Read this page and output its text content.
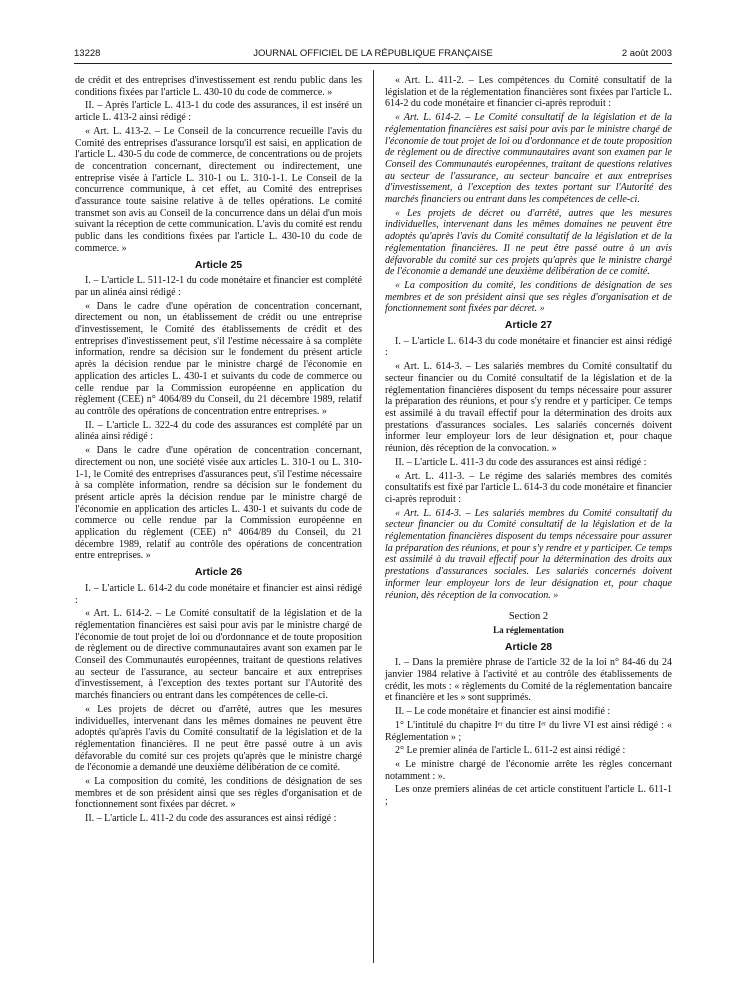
13228	JOURNAL OFFICIEL DE LA RÉPUBLIQUE FRANÇAISE	2 août 2003

de crédit et des entreprises d'investissement est rendu public dans les conditions fixées par l'article L. 430-10 du code de commerce. »

II. – Après l'article L. 413-1 du code des assurances, il est inséré un article L. 413-2 ainsi rédigé :

« Art. L. 413-2. – Le Conseil de la concurrence recueille l'avis du Comité des entreprises d'assurance lorsqu'il est saisi, en application de l'article L. 430-5 du code de commerce, de concentrations ou de projets de concentration concernant, directement ou indirectement, une entreprise visée à l'article L. 310-1 ou L. 310-1-1. Le Conseil de la concurrence communique, à cet effet, au Comité des entreprises d'assurance toute saisine relative à de telles opérations. Le comité transmet son avis au Conseil de la concurrence dans un délai d'un mois suivant la réception de cette communication. L'avis du comité est rendu public dans les conditions fixées par l'article L. 430-10 du code de commerce. »

Article 25

I. – L'article L. 511-12-1 du code monétaire et financier est complété par un alinéa ainsi rédigé :

« Dans le cadre d'une opération de concentration concernant, directement ou non, un établissement de crédit ou une entreprise d'investissement, le Comité des établissements de crédit et des entreprises d'investissement peut, s'il l'estime nécessaire à sa complète information, rendre sa décision sur le fondement du présent article après la décision rendue par le ministre chargé de l'économie en application des articles L. 430-1 et suivants du code de commerce ou celle rendue par la Commission européenne en application du règlement (CEE) n° 4064/89 du Conseil, du 21 décembre 1989, relatif au contrôle des opérations de concentration entre entreprises. »

II. – L'article L. 322-4 du code des assurances est complété par un alinéa ainsi rédigé :

« Dans le cadre d'une opération de concentration concernant, directement ou non, une société visée aux articles L. 310-1 ou L. 310-1-1, le Comité des entreprises d'assurances peut, s'il l'estime nécessaire à sa complète information, rendre sa décision sur le fondement du présent article après la décision rendue par le ministre chargé de l'économie en application des articles L. 430-1 et suivants du code de commerce ou celle rendue par la Commission européenne en application du règlement (CEE) n° 4064/89 du Conseil, du 21 décembre 1989, relatif au contrôle des opérations de concentration entre entreprises. »

Article 26

I. – L'article L. 614-2 du code monétaire et financier est ainsi rédigé :

« Art. L. 614-2. – Le Comité consultatif de la législation et de la réglementation financières est saisi pour avis par le ministre chargé de l'économie de tout projet de loi ou d'ordonnance et de toute proposition de règlement ou de directive communautaires avant son examen par le Conseil des Communautés européennes, traitant de questions relatives au secteur de l'assurance, au secteur bancaire et aux entreprises d'investissement, à l'exception des textes portant sur l'Autorité des marchés financiers ou entrant dans les compétences de celle-ci.

« Les projets de décret ou d'arrêté, autres que les mesures individuelles, intervenant dans les mêmes domaines ne peuvent être adoptés qu'après l'avis du Comité consultatif de la législation et de la réglementation financières. Il ne peut être passé outre à un avis défavorable du comité sur ces projets qu'après que le ministre chargé de l'économie a demandé une deuxième délibération de ce comité.

« La composition du comité, les conditions de désignation de ses membres et de son président ainsi que ses règles d'organisation et de fonctionnement sont fixées par décret. »

II. – L'article L. 411-2 du code des assurances est ainsi rédigé :

« Art. L. 411-2. – Les compétences du Comité consultatif de la législation et de la réglementation financières sont fixées par l'article L. 614-2 du code monétaire et financier ci-après reproduit :

« Art. L. 614-2. – Le Comité consultatif de la législation et de la réglementation financières est saisi pour avis par le ministre chargé de l'économie de tout projet de loi ou d'ordonnance et de toute proposition de règlement ou de directive communautaires avant son examen par le Conseil des Communautés européennes, traitant de questions relatives au secteur de l'assurance, au secteur bancaire et aux entreprises d'investissement, à l'exception des textes portant sur l'Autorité des marchés financiers ou entrant dans les compétences de celle-ci.

« Les projets de décret ou d'arrêté, autres que les mesures individuelles, intervenant dans les mêmes domaines ne peuvent être adoptés qu'après l'avis du Comité consultatif de la législation et de la réglementation financières. Il ne peut être passé outre à un avis défavorable du comité sur ces projets qu'après que le ministre chargé de l'économie a demandé une deuxième délibération de ce comité.

« La composition du comité, les conditions de désignation de ses membres et de son président ainsi que ses règles d'organisation et de fonctionnement sont fixées par décret. »

Article 27

I. – L'article L. 614-3 du code monétaire et financier est ainsi rédigé :

« Art. L. 614-3. – Les salariés membres du Comité consultatif du secteur financier ou du Comité consultatif de la législation et de la réglementation financières disposent du temps nécessaire pour assurer la préparation des réunions, et pour s'y rendre et y participer. Ce temps est assimilé à du travail effectif pour la détermination des droits aux prestations d'assurances sociales. Les salariés concernés doivent informer leur employeur lors de leur désignation et, pour chaque réunion, dès réception de la convocation. »

II. – L'article L. 411-3 du code des assurances est ainsi rédigé :

« Art. L. 411-3. – Le régime des salariés membres des comités consultatifs est fixé par l'article L. 614-3 du code monétaire et financier ci-après reproduit :

« Art. L. 614-3. – Les salariés membres du Comité consultatif du secteur financier ou du Comité consultatif de la législation et de la réglementation financières disposent du temps nécessaire pour assurer la préparation des réunions, et pour s'y rendre et y participer. Ce temps est assimilé à du travail effectif pour la détermination des droits aux prestations d'assurances sociales. Les salariés concernés doivent informer leur employeur lors de leur désignation et, pour chaque réunion, dès réception de la convocation. »

Section 2
La réglementation
Article 28

I. – Dans la première phrase de l'article 32 de la loi n° 84-46 du 24 janvier 1984 relative à l'activité et au contrôle des établissements de crédit, les mots : « règlements du Comité de la réglementation bancaire et financière et les » sont supprimés.

II. – Le code monétaire et financier est ainsi modifié :

1° L'intitulé du chapitre Iᵉʳ du titre Iᵉʳ du livre VI est ainsi rédigé : « Réglementation » ;

2° Le premier alinéa de l'article L. 611-2 est ainsi rédigé :

« Le ministre chargé de l'économie arrête les règles concernant notamment : ».

Les onze premiers alinéas de cet article constituent l'article L. 611-1 ;
